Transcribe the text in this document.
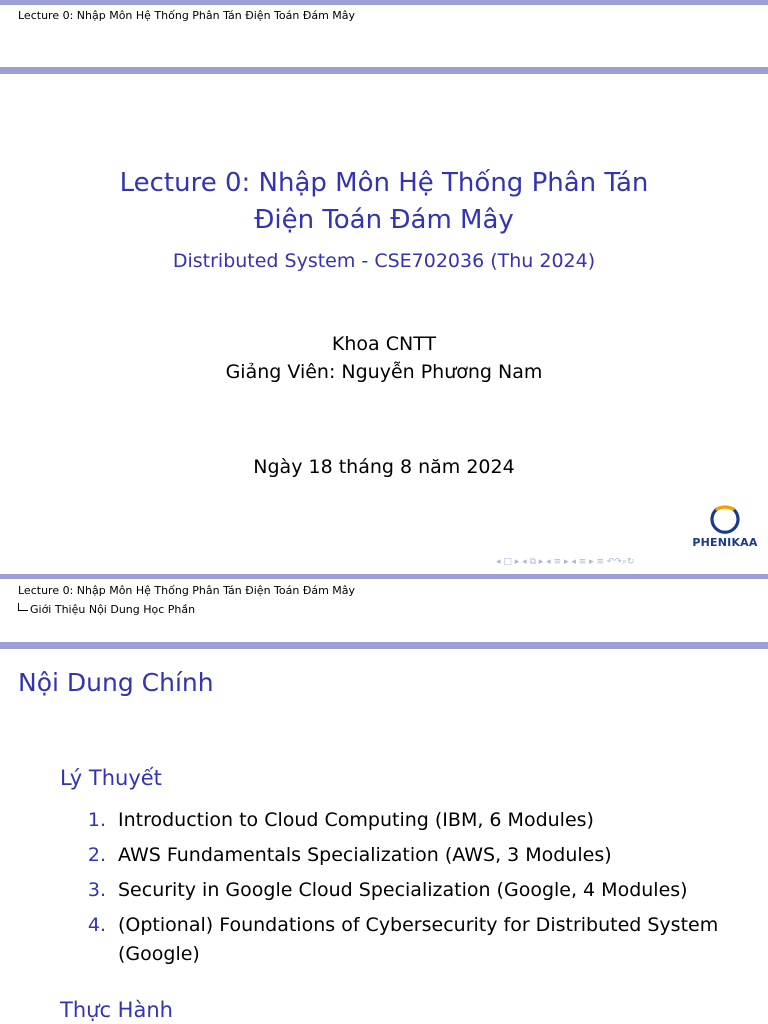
Lecture 0: Nhập Môn Hệ Thống Phân Tán Điện Toán Đám Mây
Lecture 0: Nhập Môn Hệ Thống Phân Tán
Điện Toán Đám Mây
Distributed System - CSE702036 (Thu 2024)
Khoa CNTT
Giảng Viên: Nguyễn Phương Nam
Ngày 18 tháng 8 năm 2024
PHENIKAA
◂ □ ▸ ◂ ⧉ ▸ ◂ ≡ ▸ ◂ ≡ ▸ ≡ ↶↷⌕↻
Lecture 0: Nhập Môn Hệ Thống Phân Tán Điện Toán Đám Mây
Giới Thiệu Nội Dung Học Phần
Nội Dung Chính
Lý Thuyết
1. Introduction to Cloud Computing (IBM, 6 Modules)
2. AWS Fundamentals Specialization (AWS, 3 Modules)
3. Security in Google Cloud Specialization (Google, 4 Modules)
4. (Optional) Foundations of Cybersecurity for Distributed System (Google)
Thực Hành
